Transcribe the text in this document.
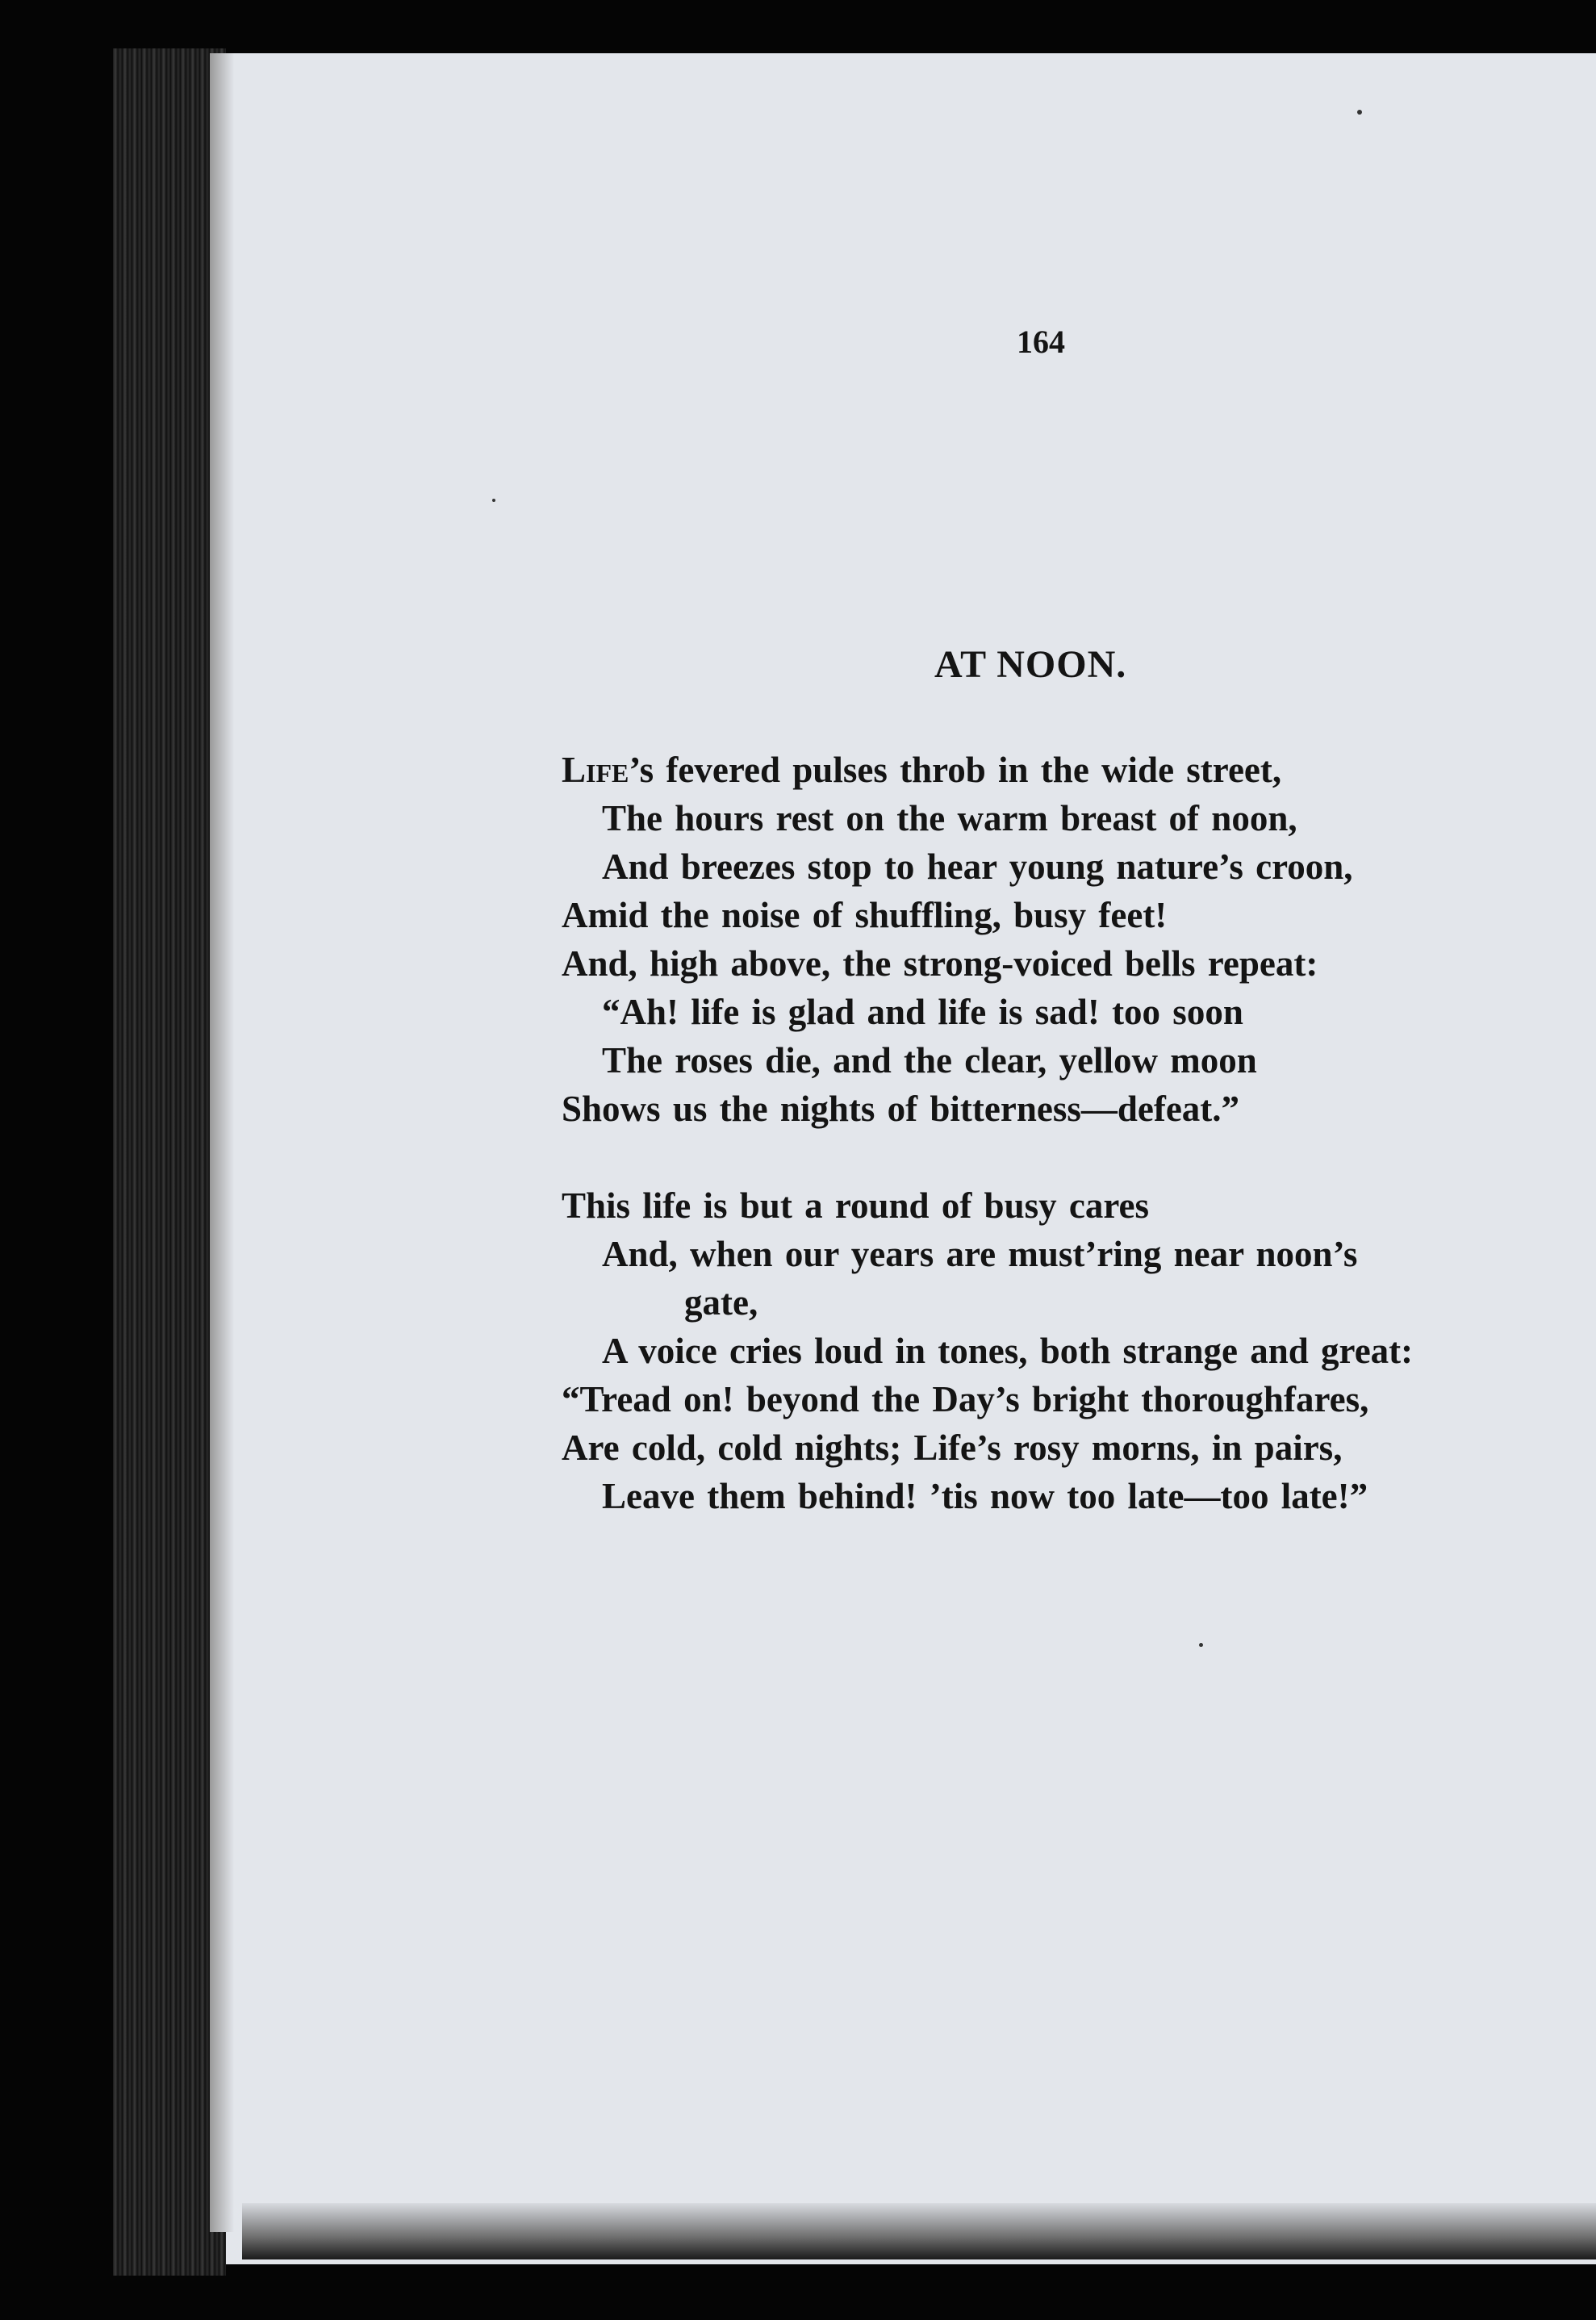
164
AT NOON.
Life’s fevered pulses throb in the wide street,
The hours rest on the warm breast of noon,
And breezes stop to hear young nature’s croon,
Amid the noise of shuffling, busy feet!
And, high above, the strong-voiced bells repeat:
“Ah! life is glad and life is sad! too soon
The roses die, and the clear, yellow moon
Shows us the nights of bitterness—defeat.”
This life is but a round of busy cares
And, when our years are must’ring near noon’s
gate,
A voice cries loud in tones, both strange and great:
“Tread on! beyond the Day’s bright thoroughfares,
Are cold, cold nights; Life’s rosy morns, in pairs,
Leave them behind! ’tis now too late—too late!”
